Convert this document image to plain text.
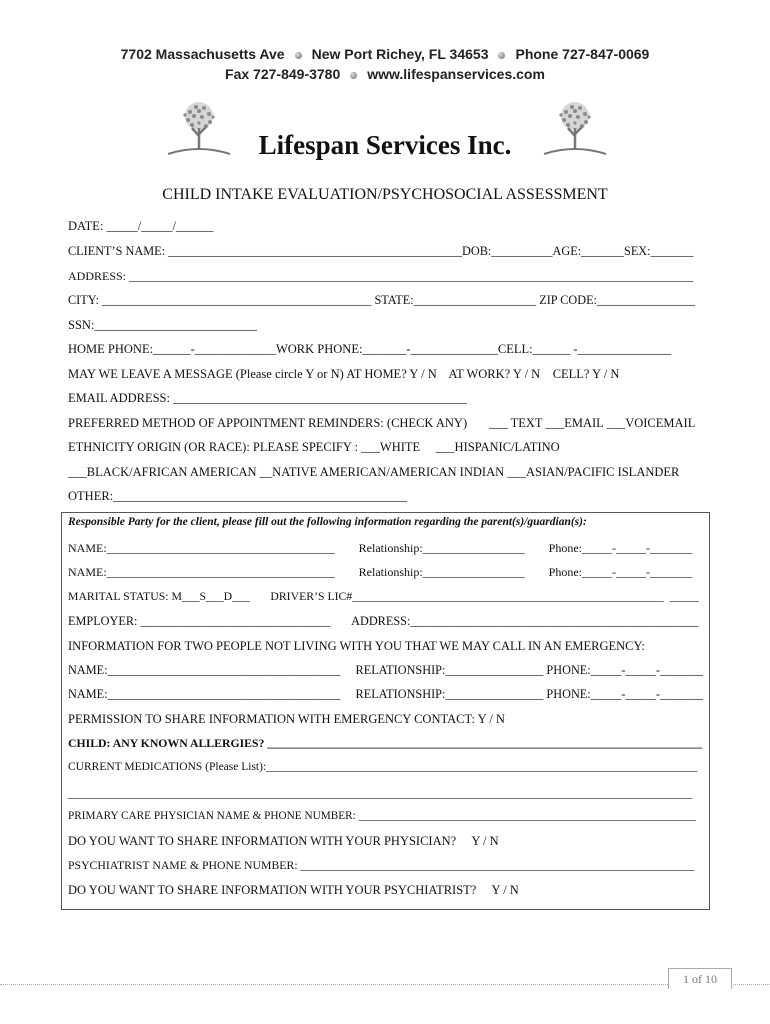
7702 Massachusetts Ave New Port Richey, FL 34653 Phone 727-847-0069
Fax 727-849-3780 www.lifespanservices.com
Lifespan Services Inc.
CHILD INTAKE EVALUATION/PSYCHOSOCIAL ASSESSMENT
DATE: _____/_____/______
CLIENT’S NAME: ________________________________________________DOB:__________AGE:_______SEX:_______
ADDRESS: ______________________________________________________________________________________________
CITY: ____________________________________________ STATE:____________________ ZIP CODE:________________
SSN:__________________________
HOME PHONE:______-_____________WORK PHONE:_______-______________CELL:______ -_______________
MAY WE LEAVE A MESSAGE (Please circle Y or N) AT HOME? Y / N    AT WORK? Y / N    CELL? Y / N
EMAIL ADDRESS: _______________________________________________
PREFERRED METHOD OF APPOINTMENT REMINDERS: (CHECK ANY)       ___ TEXT ___EMAIL ___VOICEMAIL
ETHNICITY ORIGIN (OR RACE): PLEASE SPECIFY : ___WHITE     ___HISPANIC/LATINO
___BLACK/AFRICAN AMERICAN __NATIVE AMERICAN/AMERICAN INDIAN ___ASIAN/PACIFIC ISLANDER
OTHER:_______________________________________________
Responsible Party for the client, please fill out the following information regarding the parent(s)/guardian(s):
NAME:______________________________________        Relationship:_________________        Phone:_____-_____-_______
NAME:______________________________________        Relationship:_________________        Phone:_____-_____-_______
MARITAL STATUS: M___S___D___       DRIVER’S LIC#_____________________________________________________  _____
EMPLOYER: _______________________________       ADDRESS:_______________________________________________
INFORMATION FOR TWO PEOPLE NOT LIVING WITH YOU THAT WE MAY CALL IN AN EMERGENCY:
NAME:______________________________________     RELATIONSHIP:________________ PHONE:_____-_____-_______
NAME:______________________________________     RELATIONSHIP:________________ PHONE:_____-_____-_______
PERMISSION TO SHARE INFORMATION WITH EMERGENCY CONTACT: Y / N
CHILD: ANY KNOWN ALLERGIES? __________________________________________________________________________
CURRENT MEDICATIONS (Please List):___________________________________________________________________________
________________________________________________________________________________________________________
PRIMARY CARE PHYSICIAN NAME & PHONE NUMBER: ____________________________________________________________
DO YOU WANT TO SHARE INFORMATION WITH YOUR PHYSICIAN?     Y / N
PSYCHIATRIST NAME & PHONE NUMBER: ___________________________________________________________________
DO YOU WANT TO SHARE INFORMATION WITH YOUR PSYCHIATRIST?     Y / N
1 of 10
